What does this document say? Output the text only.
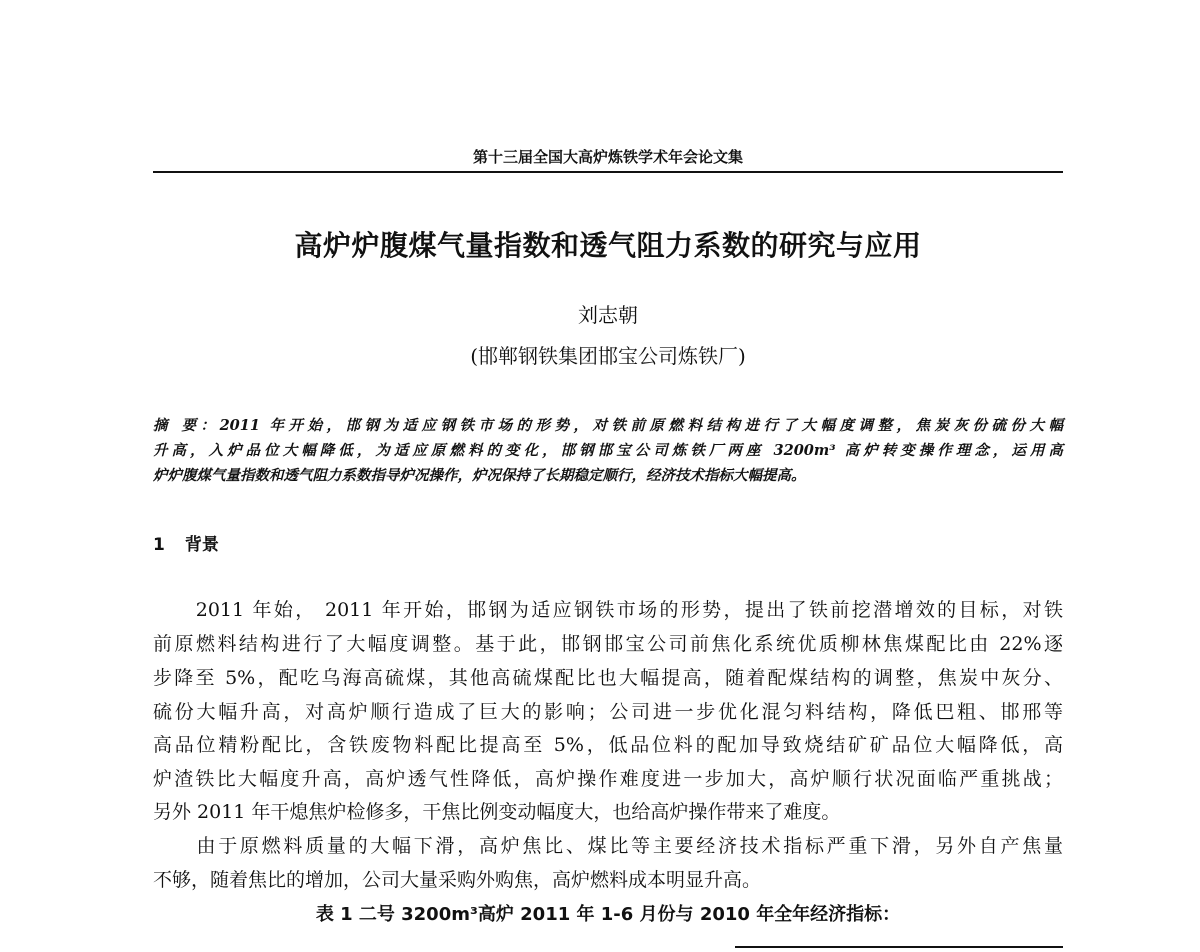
第十三届全国大高炉炼铁学术年会论文集
高炉炉腹煤气量指数和透气阻力系数的研究与应用
刘志朝
(邯郸钢铁集团邯宝公司炼铁厂)
摘 要：2011 年开始，邯钢为适应钢铁市场的形势，对铁前原燃料结构进行了大幅度调整，焦炭灰份硫份大幅
升高，入炉品位大幅降低，为适应原燃料的变化，邯钢邯宝公司炼铁厂两座 3200m³ 高炉转变操作理念，运用高
炉炉腹煤气量指数和透气阻力系数指导炉况操作，炉况保持了长期稳定顺行，经济技术指标大幅提高。
1 背景
　　2011 年始， 2011 年开始，邯钢为适应钢铁市场的形势，提出了铁前挖潜增效的目标，对铁
前原燃料结构进行了大幅度调整。基于此，邯钢邯宝公司前焦化系统优质柳林焦煤配比由 22%逐
步降至 5%，配吃乌海高硫煤，其他高硫煤配比也大幅提高，随着配煤结构的调整，焦炭中灰分、
硫份大幅升高，对高炉顺行造成了巨大的影响；公司进一步优化混匀料结构，降低巴粗、邯邢等
高品位精粉配比，含铁废物料配比提高至 5%，低品位料的配加导致烧结矿矿品位大幅降低，高
炉渣铁比大幅度升高，高炉透气性降低，高炉操作难度进一步加大，高炉顺行状况面临严重挑战；
另外 2011 年干熄焦炉检修多，干焦比例变动幅度大，也给高炉操作带来了难度。
　　由于原燃料质量的大幅下滑，高炉焦比、煤比等主要经济技术指标严重下滑，另外自产焦量
不够，随着焦比的增加，公司大量采购外购焦，高炉燃料成本明显升高。
表 1 二号 3200m³高炉 2011 年 1-6 月份与 2010 年全年经济指标：
